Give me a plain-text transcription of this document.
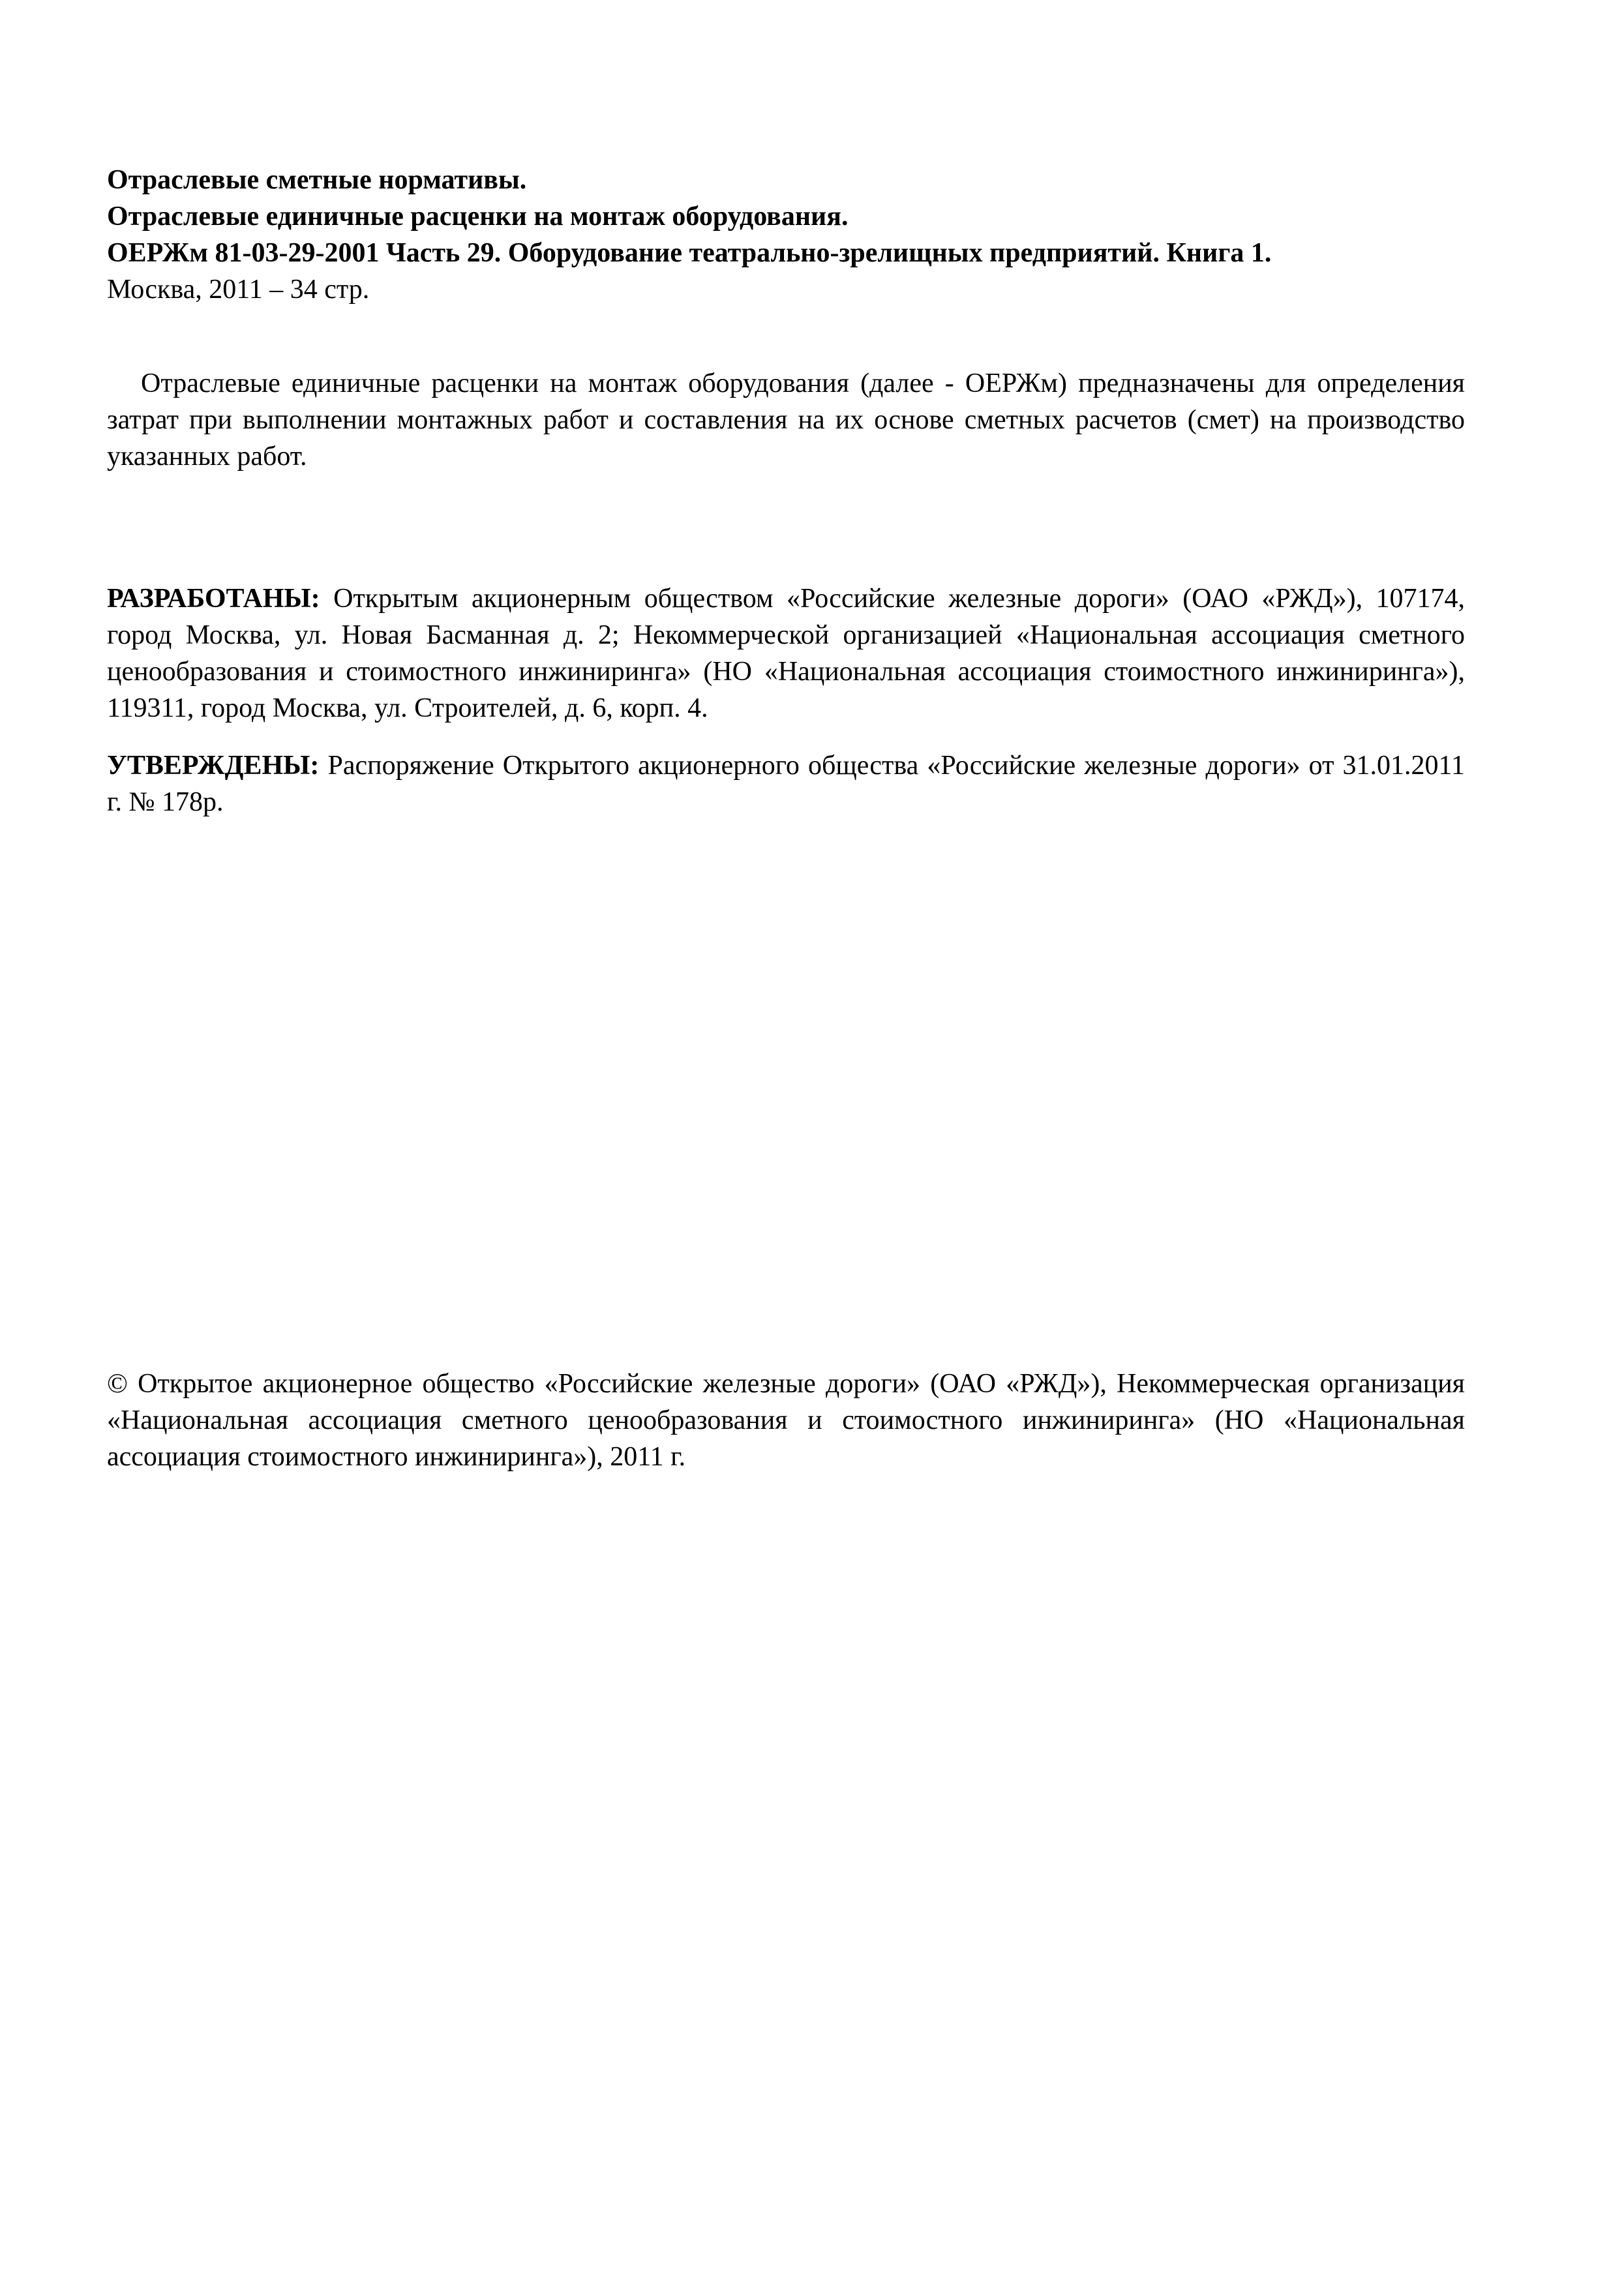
Отраслевые сметные нормативы.
Отраслевые единичные расценки на монтаж оборудования.
ОЕРЖм 81-03-29-2001 Часть 29. Оборудование театрально-зрелищных предприятий. Книга 1.
Москва, 2011 – 34 стр.

Отраслевые единичные расценки на монтаж оборудования (далее - ОЕРЖм) предназначены для определения затрат при выполнении монтажных работ и составления на их основе сметных расчетов (смет) на производство указанных работ.

РАЗРАБОТАНЫ: Открытым акционерным обществом «Российские железные дороги» (ОАО «РЖД»), 107174, город Москва, ул. Новая Басманная д. 2; Некоммерческой организацией «Национальная ассоциация сметного ценообразования и стоимостного инжиниринга» (НО «Национальная ассоциация стоимостного инжиниринга»), 119311, город Москва, ул. Строителей, д. 6, корп. 4.

УТВЕРЖДЕНЫ: Распоряжение Открытого акционерного общества «Российские железные дороги» от 31.01.2011 г. № 178р.

© Открытое акционерное общество «Российские железные дороги» (ОАО «РЖД»), Некоммерческая организация «Национальная ассоциация сметного ценообразования и стоимостного инжиниринга» (НО «Национальная ассоциация стоимостного инжиниринга»), 2011 г.
